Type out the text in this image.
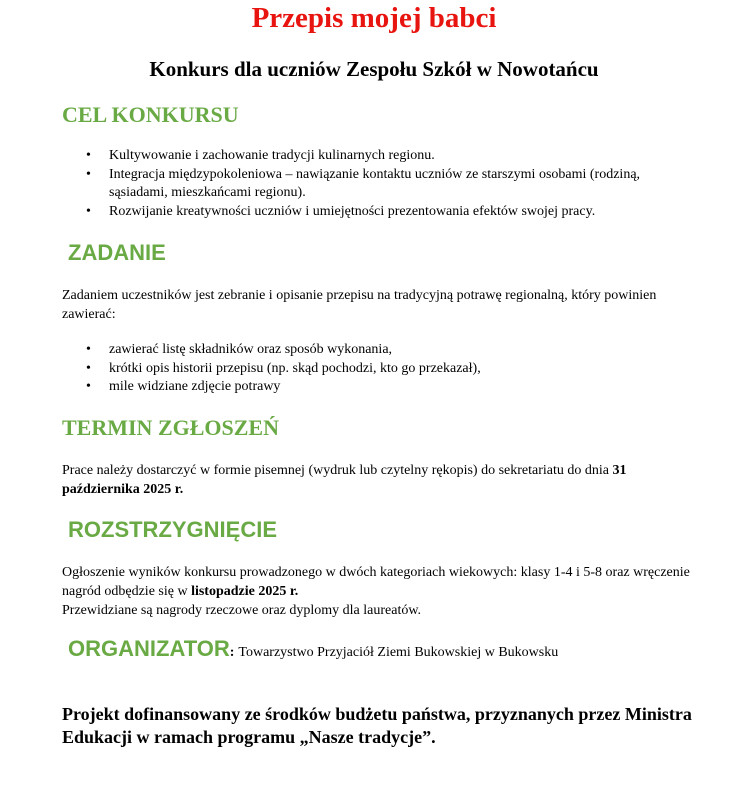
Przepis mojej babci
Konkurs dla uczniów Zespołu Szkół w Nowotańcu
CEL KONKURSU
• Kultywowanie i zachowanie tradycji kulinarnych regionu.
• Integracja międzypokoleniowa – nawiązanie kontaktu uczniów ze starszymi osobami (rodziną, sąsiadami, mieszkańcami regionu).
• Rozwijanie kreatywności uczniów i umiejętności prezentowania efektów swojej pracy.
ZADANIE

Zadaniem uczestników jest zebranie i opisanie przepisu na tradycyjną potrawę regionalną, który powinien zawierać:

• zawierać listę składników oraz sposób wykonania,
• krótki opis historii przepisu (np. skąd pochodzi, kto go przekazał),
• mile widziane zdjęcie potrawy
TERMIN ZGŁOSZEŃ

Prace należy dostarczyć w formie pisemnej (wydruk lub czytelny rękopis) do sekretariatu do dnia 31 października 2025 r.

ROZSTRZYGNIĘCIE

Ogłoszenie wyników konkursu prowadzonego w dwóch kategoriach wiekowych: klasy 1-4 i 5-8 oraz wręczenie nagród odbędzie się w listopadzie 2025 r.
Przewidziane są nagrody rzeczowe oraz dyplomy dla laureatów.

ORGANIZATOR: Towarzystwo Przyjaciół Ziemi Bukowskiej w Bukowsku

Projekt dofinansowany ze środków budżetu państwa, przyznanych przez Ministra Edukacji w ramach programu „Nasze tradycje”.
